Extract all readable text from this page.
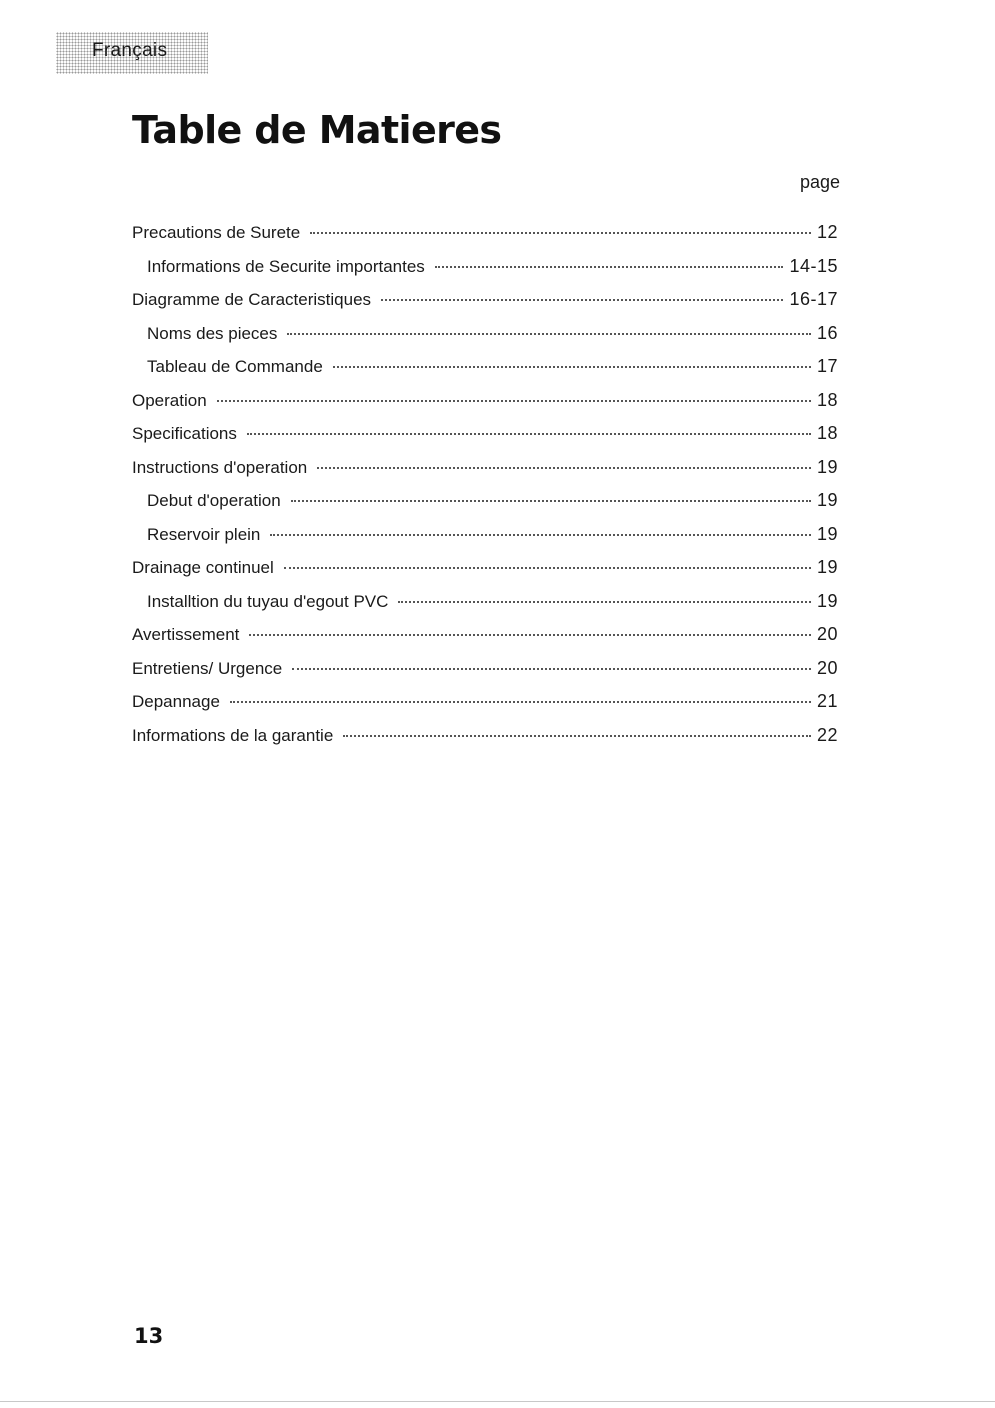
Français
Table de Matieres
page
Precautions de Surete	12
Informations de Securite importantes	14-15
Diagramme de Caracteristiques	16-17
Noms des pieces	16
Tableau de Commande	17
Operation	18
Specifications	18
Instructions d'operation	19
Debut d'operation	19
Reservoir plein	19
Drainage continuel	19
Installtion du tuyau d'egout PVC	19
Avertissement	20
Entretiens/ Urgence	20
Depannage	21
Informations de la garantie	22
13
